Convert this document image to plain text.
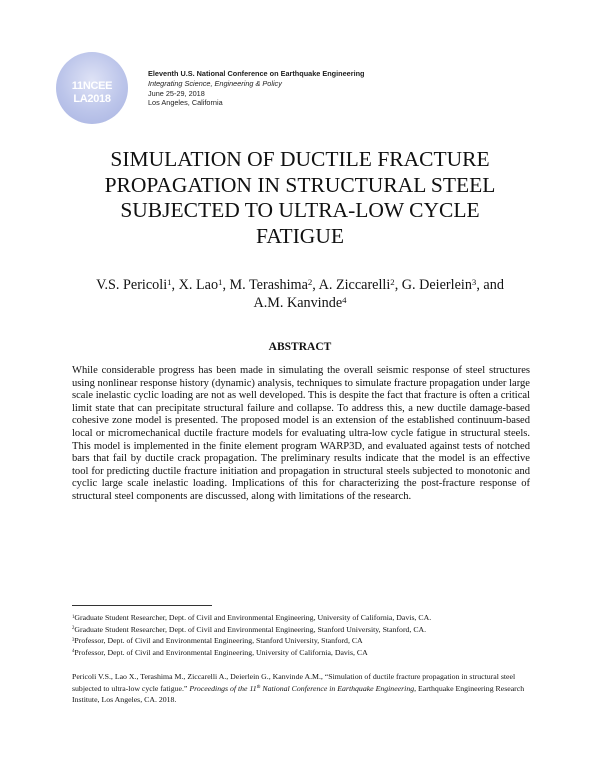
11NCEE
LA2018
Eleventh U.S. National Conference on Earthquake Engineering
Integrating Science, Engineering & Policy
June 25-29, 2018
Los Angeles, California
SIMULATION OF DUCTILE FRACTURE
PROPAGATION IN STRUCTURAL STEEL
SUBJECTED TO ULTRA-LOW CYCLE
FATIGUE
V.S. Pericoli$^1$, X. Lao$^1$, M. Terashima$^2$, A. Ziccarelli$^2$, G. Deierlein$^3$, and
A.M. Kanvinde$^4$
ABSTRACT

While considerable progress has been made in simulating the overall seismic response of steel structures using nonlinear response history (dynamic) analysis, techniques to simulate fracture propagation under large scale inelastic cyclic loading are not as well developed. This is despite the fact that fracture is often a critical limit state that can precipitate structural failure and collapse. To address this, a new ductile damage-based cohesive zone model is presented. The proposed model is an extension of the established continuum-based local or micromechanical ductile fracture models for evaluating ultra-low cycle fatigue in structural steels. This model is implemented in the finite element program WARP3D, and evaluated against tests of notched bars that fail by ductile crack propagation. The preliminary results indicate that the model is an effective tool for predicting ductile fracture initiation and propagation in structural steels subjected to monotonic and cyclic large scale inelastic loading. Implications of this for characterizing the post-fracture response of structural steel components are discussed, along with limitations of the research.

$^1$Graduate Student Researcher, Dept. of Civil and Environmental Engineering, University of California, Davis, CA.
$^2$Graduate Student Researcher, Dept. of Civil and Environmental Engineering, Stanford University, Stanford, CA.
$^3$Professor, Dept. of Civil and Environmental Engineering, Stanford University, Stanford, CA
$^4$Professor, Dept. of Civil and Environmental Engineering, University of California, Davis, CA

Pericoli V.S., Lao X., Terashima M., Ziccarelli A., Deierlein G., Kanvinde A.M., “Simulation of ductile fracture propagation in structural steel subjected to ultra-low cycle fatigue.” Proceedings of the 11th National Conference in Earthquake Engineering, Earthquake Engineering Research Institute, Los Angeles, CA. 2018.
